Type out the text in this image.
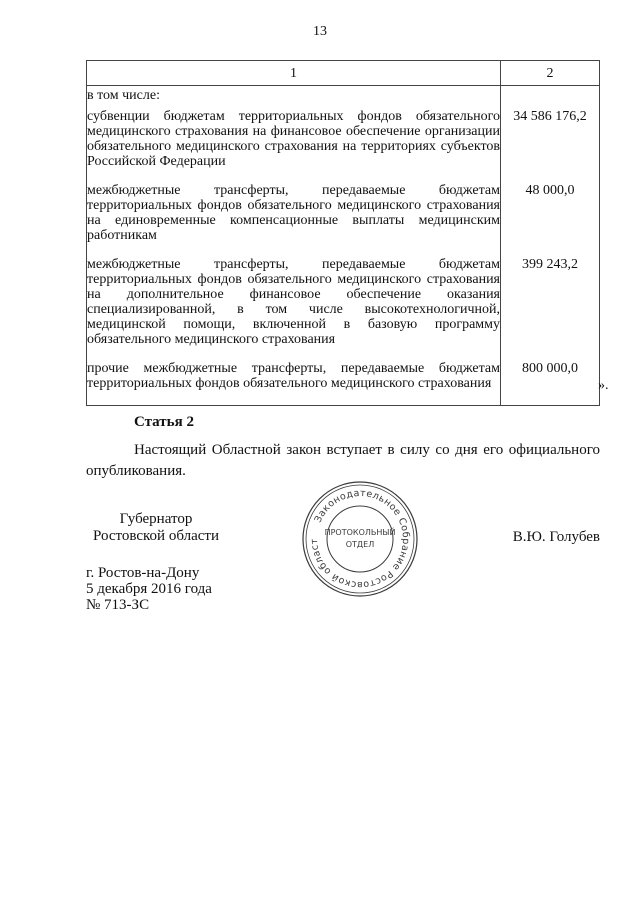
13
1	2
в том числе:	
субвенции бюджетам территориальных фондов обязательного медицинского страхования на финансовое обеспечение организации обязательного медицинского страхования на территориях субъектов Российской Федерации	34 586 176,2
межбюджетные трансферты, передаваемые бюджетам территориальных фондов обязательного медицинского страхования на единовременные компенсационные выплаты медицинским работникам	48 000,0
межбюджетные трансферты, передаваемые бюджетам территориальных фондов обязательного медицинского страхования на дополнительное финансовое обеспечение оказания специализированной, в том числе высокотехнологичной, медицинской помощи, включенной в базовую программу обязательного медицинского страхования	399 243,2
прочие межбюджетные трансферты, передаваемые бюджетам территориальных фондов обязательного медицинского страхования	800 000,0
».
Статья 2
Настоящий Областной закон вступает в силу со дня его официального опубликования.
Губернатор
Ростовской области
Законодательное Собрание Ростовской област
ПРОТОКОЛЬНЫЙ
ОТДЕЛ	В.Ю. Голубев
г. Ростов-на-Дону
5 декабря 2016 года
№ 713-ЗС
